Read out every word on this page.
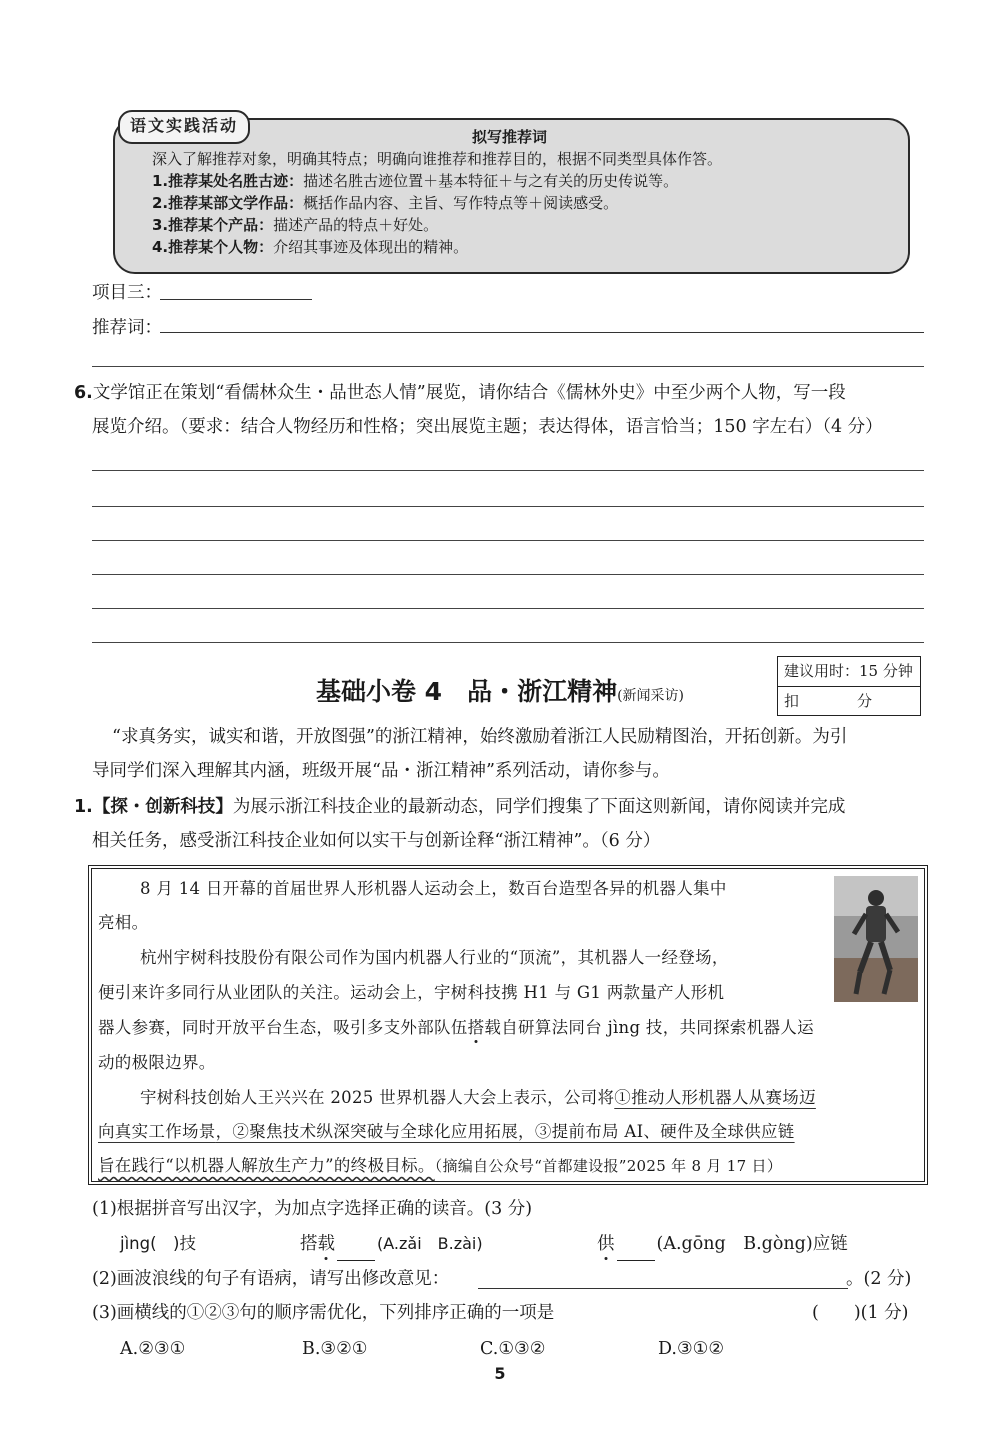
语文实践活动
拟写推荐词
深入了解推荐对象，明确其特点；明确向谁推荐和推荐目的，根据不同类型具体作答。
1.推荐某处名胜古迹：描述名胜古迹位置＋基本特征＋与之有关的历史传说等。
2.推荐某部文学作品：概括作品内容、主旨、写作特点等＋阅读感受。
3.推荐某个产品：描述产品的特点＋好处。
4.推荐某个人物：介绍其事迹及体现出的精神。
项目三：
推荐词：
6.文学馆正在策划“看儒林众生・品世态人情”展览，请你结合《儒林外史》中至少两个人物，写一段
展览介绍。（要求：结合人物经历和性格；突出展览主题；表达得体，语言恰当；150 字左右）（4 分）
基础小卷 4　品・浙江精神(新闻采访)
建议用时：15 分钟
扣	分
“求真务实，诚实和谐，开放图强”的浙江精神，始终激励着浙江人民励精图治，开拓创新。为引
导同学们深入理解其内涵，班级开展“品・浙江精神”系列活动，请你参与。
1.【探・创新科技】为展示浙江科技企业的最新动态，同学们搜集了下面这则新闻，请你阅读并完成
相关任务，感受浙江科技企业如何以实干与创新诠释“浙江精神”。（6 分）
8 月 14 日开幕的首届世界人形机器人运动会上，数百台造型各异的机器人集中
亮相。
杭州宇树科技股份有限公司作为国内机器人行业的“顶流”，其机器人一经登场，
便引来许多同行从业团队的关注。运动会上，宇树科技携 H1 与 G1 两款量产人形机
器人参赛，同时开放平台生态，吸引多支外部队伍搭载自研算法同台 jìng 技，共同探索机器人运
动的极限边界。
宇树科技创始人王兴兴在 2025 世界机器人大会上表示，公司将①推动人形机器人从赛场迈
向真实工作场景，②聚焦技术纵深突破与全球化应用拓展，③提前布局 AI、硬件及全球供应链
旨在践行“以机器人解放生产力”的终极目标。（摘编自公众号“首都建设报”2025 年 8 月 17 日）
(1)根据拼音写出汉字，为加点字选择正确的读音。(3 分)
jìng(　)技	搭载	(A.zǎi　B.zài)	供 (A.gōng　B.gòng)应链
(2)画波浪线的句子有语病，请写出修改意见：	。(2 分)
(3)画横线的①②③句的顺序需优化，下列排序正确的一项是	(　　)(1 分)
A.②③①	B.③②①	C.①③②	D.③①②
5
